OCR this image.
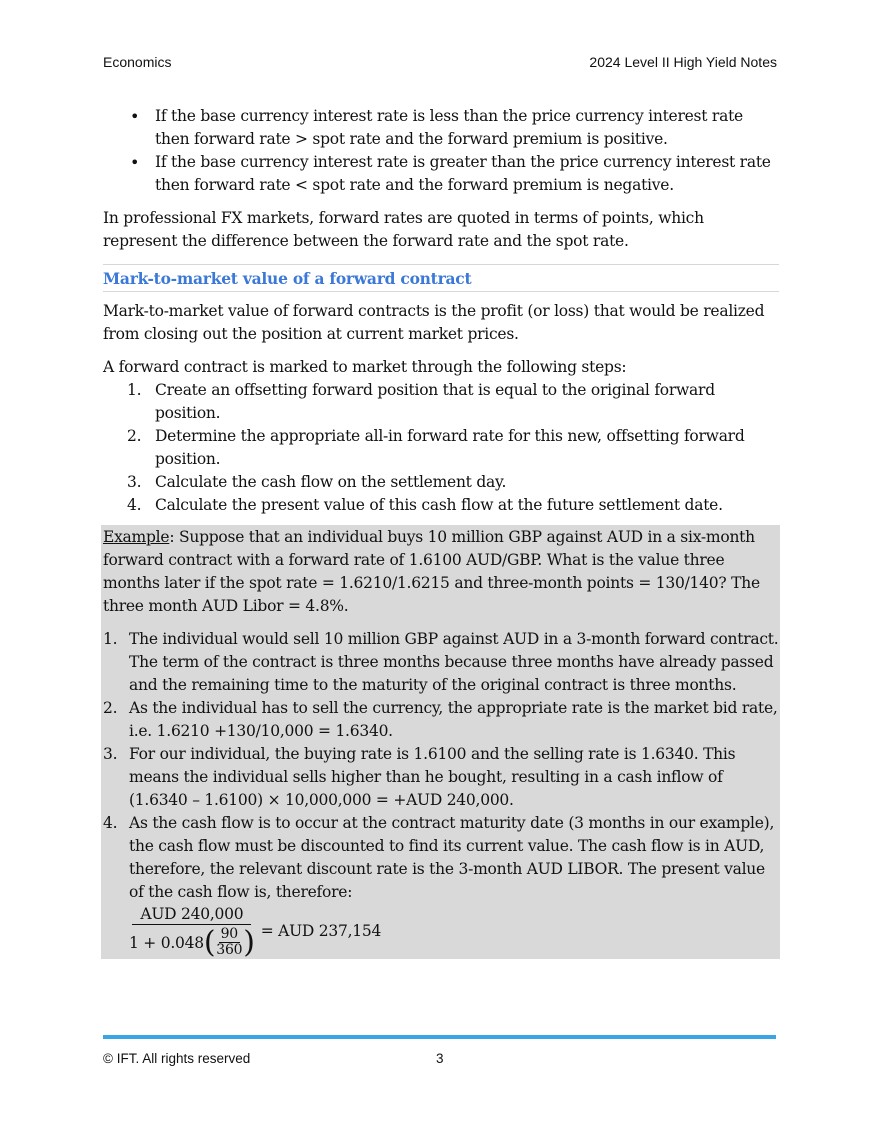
Economics	2024 Level II High Yield Notes
• If the base currency interest rate is less than the price currency interest rate then forward rate > spot rate and the forward premium is positive.
• If the base currency interest rate is greater than the price currency interest rate then forward rate < spot rate and the forward premium is negative.

In professional FX markets, forward rates are quoted in terms of points, which represent the difference between the forward rate and the spot rate.

Mark-to-market value of a forward contract

Mark-to-market value of forward contracts is the profit (or loss) that would be realized from closing out the position at current market prices.

A forward contract is marked to market through the following steps:

1. Create an offsetting forward position that is equal to the original forward position.
2. Determine the appropriate all-in forward rate for this new, offsetting forward position.
3. Calculate the cash flow on the settlement day.
4. Calculate the present value of this cash flow at the future settlement date.

Example: Suppose that an individual buys 10 million GBP against AUD in a six-month forward contract with a forward rate of 1.6100 AUD/GBP. What is the value three months later if the spot rate = 1.6210/1.6215 and three-month points = 130/140? The three month AUD Libor = 4.8%.

1. The individual would sell 10 million GBP against AUD in a 3-month forward contract. The term of the contract is three months because three months have already passed and the remaining time to the maturity of the original contract is three months.
2. As the individual has to sell the currency, the appropriate rate is the market bid rate, i.e. 1.6210 +130/10,000 = 1.6340.
3. For our individual, the buying rate is 1.6100 and the selling rate is 1.6340. This means the individual sells higher than he bought, resulting in a cash inflow of (1.6340 – 1.6100) × 10,000,000 = +AUD 240,000.
4. As the cash flow is to occur at the contract maturity date (3 months in our example), the cash flow must be discounted to find its current value. The cash flow is in AUD, therefore, the relevant discount rate is the 3-month AUD LIBOR. The present value of the cash flow is, therefore:
AUD 240,000
1 + 0.048 ( $\frac{90}{360}$ ) = AUD 237,154
© IFT. All rights reserved	3
